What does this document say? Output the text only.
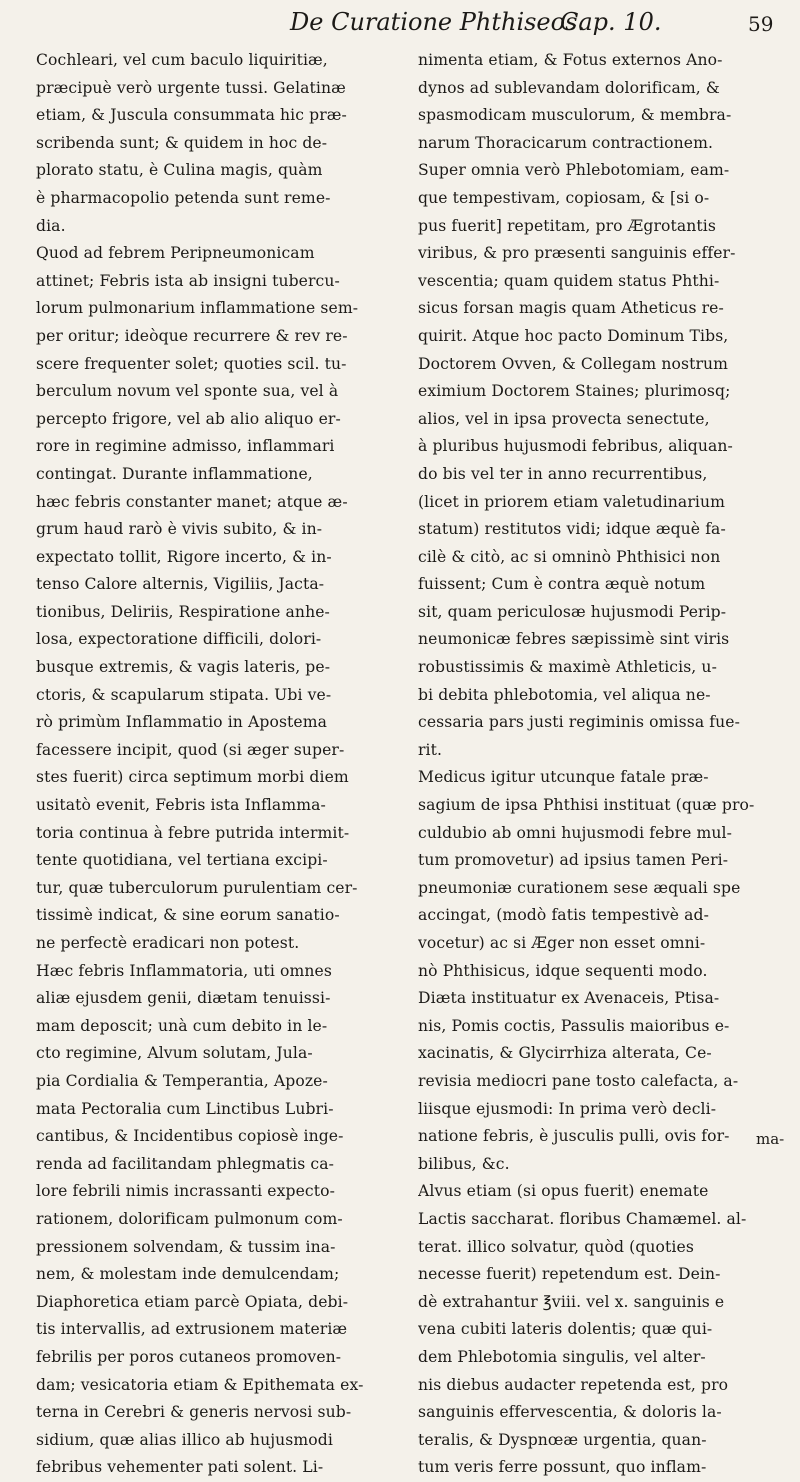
De Curatione Phthiseos.
Cap. 10.	59
Cochleari, vel cum baculo liquiritiæ,
præcipuè verò urgente tussi. Gelatinæ
etiam, & Juscula consummata hic præ-
scribenda sunt; & quidem in hoc de-
plorato statu, è Culina magis, quàm
è pharmacopolio petenda sunt reme-
dia.
Quod ad febrem Peripneumonicam
attinet; Febris ista ab insigni tubercu-
lorum pulmonarium inflammatione sem-
per oritur; ideòque recurrere & rev re-
scere frequenter solet; quoties scil. tu-
berculum novum vel sponte sua, vel à
percepto frigore, vel ab alio aliquo er-
rore in regimine admisso, inflammari
contingat. Durante inflammatione,
hæc febris constanter manet; atque æ-
grum haud rarò è vivis subito, & in-
expectato tollit, Rigore incerto, & in-
tenso Calore alternis, Vigiliis, Jacta-
tionibus, Deliriis, Respiratione anhe-
losa, expectoratione difficili, dolori-
busque extremis, & vagis lateris, pe-
ctoris, & scapularum stipata. Ubi ve-
rò primùm Inflammatio in Apostema
facessere incipit, quod (si æger super-
stes fuerit) circa septimum morbi diem
usitatò evenit, Febris ista Inflamma-
toria continua à febre putrida intermit-
tente quotidiana, vel tertiana excipi-
tur, quæ tuberculorum purulentiam cer-
tissimè indicat, & sine eorum sanatio-
ne perfectè eradicari non potest.
Hæc febris Inflammatoria, uti omnes
aliæ ejusdem genii, diætam tenuissi-
mam deposcit; unà cum debito in le-
cto regimine, Alvum solutam, Jula-
pia Cordialia & Temperantia, Apoze-
mata Pectoralia cum Linctibus Lubri-
cantibus, & Incidentibus copiosè inge-
renda ad facilitandam phlegmatis ca-
lore febrili nimis incrassanti expecto-
rationem, dolorificam pulmonum com-
pressionem solvendam, & tussim ina-
nem, & molestam inde demulcendam;
Diaphoretica etiam parcè Opiata, debi-
tis intervallis, ad extrusionem materiæ
febrilis per poros cutaneos promoven-
dam; vesicatoria etiam & Epithemata ex-
terna in Cerebri & generis nervosi sub-
sidium, quæ alias illico ab hujusmodi
febribus vehementer pati solent. Li-
nimenta etiam, & Fotus externos Ano-
dynos ad sublevandam dolorificam, &
spasmodicam musculorum, & membra-
narum Thoracicarum contractionem.
Super omnia verò Phlebotomiam, eam-
que tempestivam, copiosam, & [si o-
pus fuerit] repetitam, pro Ægrotantis
viribus, & pro præsenti sanguinis effer-
vescentia; quam quidem status Phthi-
sicus forsan magis quam Atheticus re-
quirit. Atque hoc pacto Dominum Tibs,
Doctorem Ovven, & Collegam nostrum
eximium Doctorem Staines; plurimosq;
alios, vel in ipsa provecta senectute,
à pluribus hujusmodi febribus, aliquan-
do bis vel ter in anno recurrentibus,
(licet in priorem etiam valetudinarium
statum) restitutos vidi; idque æquè fa-
cilè & citò, ac si omninò Phthisici non
fuissent; Cum è contra æquè notum
sit, quam periculosæ hujusmodi Perip-
neumonicæ febres sæpissimè sint viris
robustissimis & maximè Athleticis, u-
bi debita phlebotomia, vel aliqua ne-
cessaria pars justi regiminis omissa fue-
rit.
Medicus igitur utcunque fatale præ-
sagium de ipsa Phthisi instituat (quæ pro-
culdubio ab omni hujusmodi febre mul-
tum promovetur) ad ipsius tamen Peri-
pneumoniæ curationem sese æquali spe
accingat, (modò fatis tempestivè ad-
vocetur) ac si Æger non esset omni-
nò Phthisicus, idque sequenti modo.
Diæta instituatur ex Avenaceis, Ptisa-
nis, Pomis coctis, Passulis maioribus e-
xacinatis, & Glycirrhiza alterata, Ce-
revisia mediocri pane tosto calefacta, a-
liisque ejusmodi: In prima verò decli-
natione febris, è jusculis pulli, ovis for-
bilibus, &c.
Alvus etiam (si opus fuerit) enemate
Lactis saccharat. floribus Chamæmel. al-
terat. illico solvatur, quòd (quoties
necesse fuerit) repetendum est. Dein-
dè extrahantur ℥viii. vel x. sanguinis e
vena cubiti lateris dolentis; quæ qui-
dem Phlebotomia singulis, vel alter-
nis diebus audacter repetenda est, pro
sanguinis effervescentia, & doloris la-
teralis, & Dyspnœæ urgentia, quan-
tum veris ferre possunt, quo inflam-
ma-
